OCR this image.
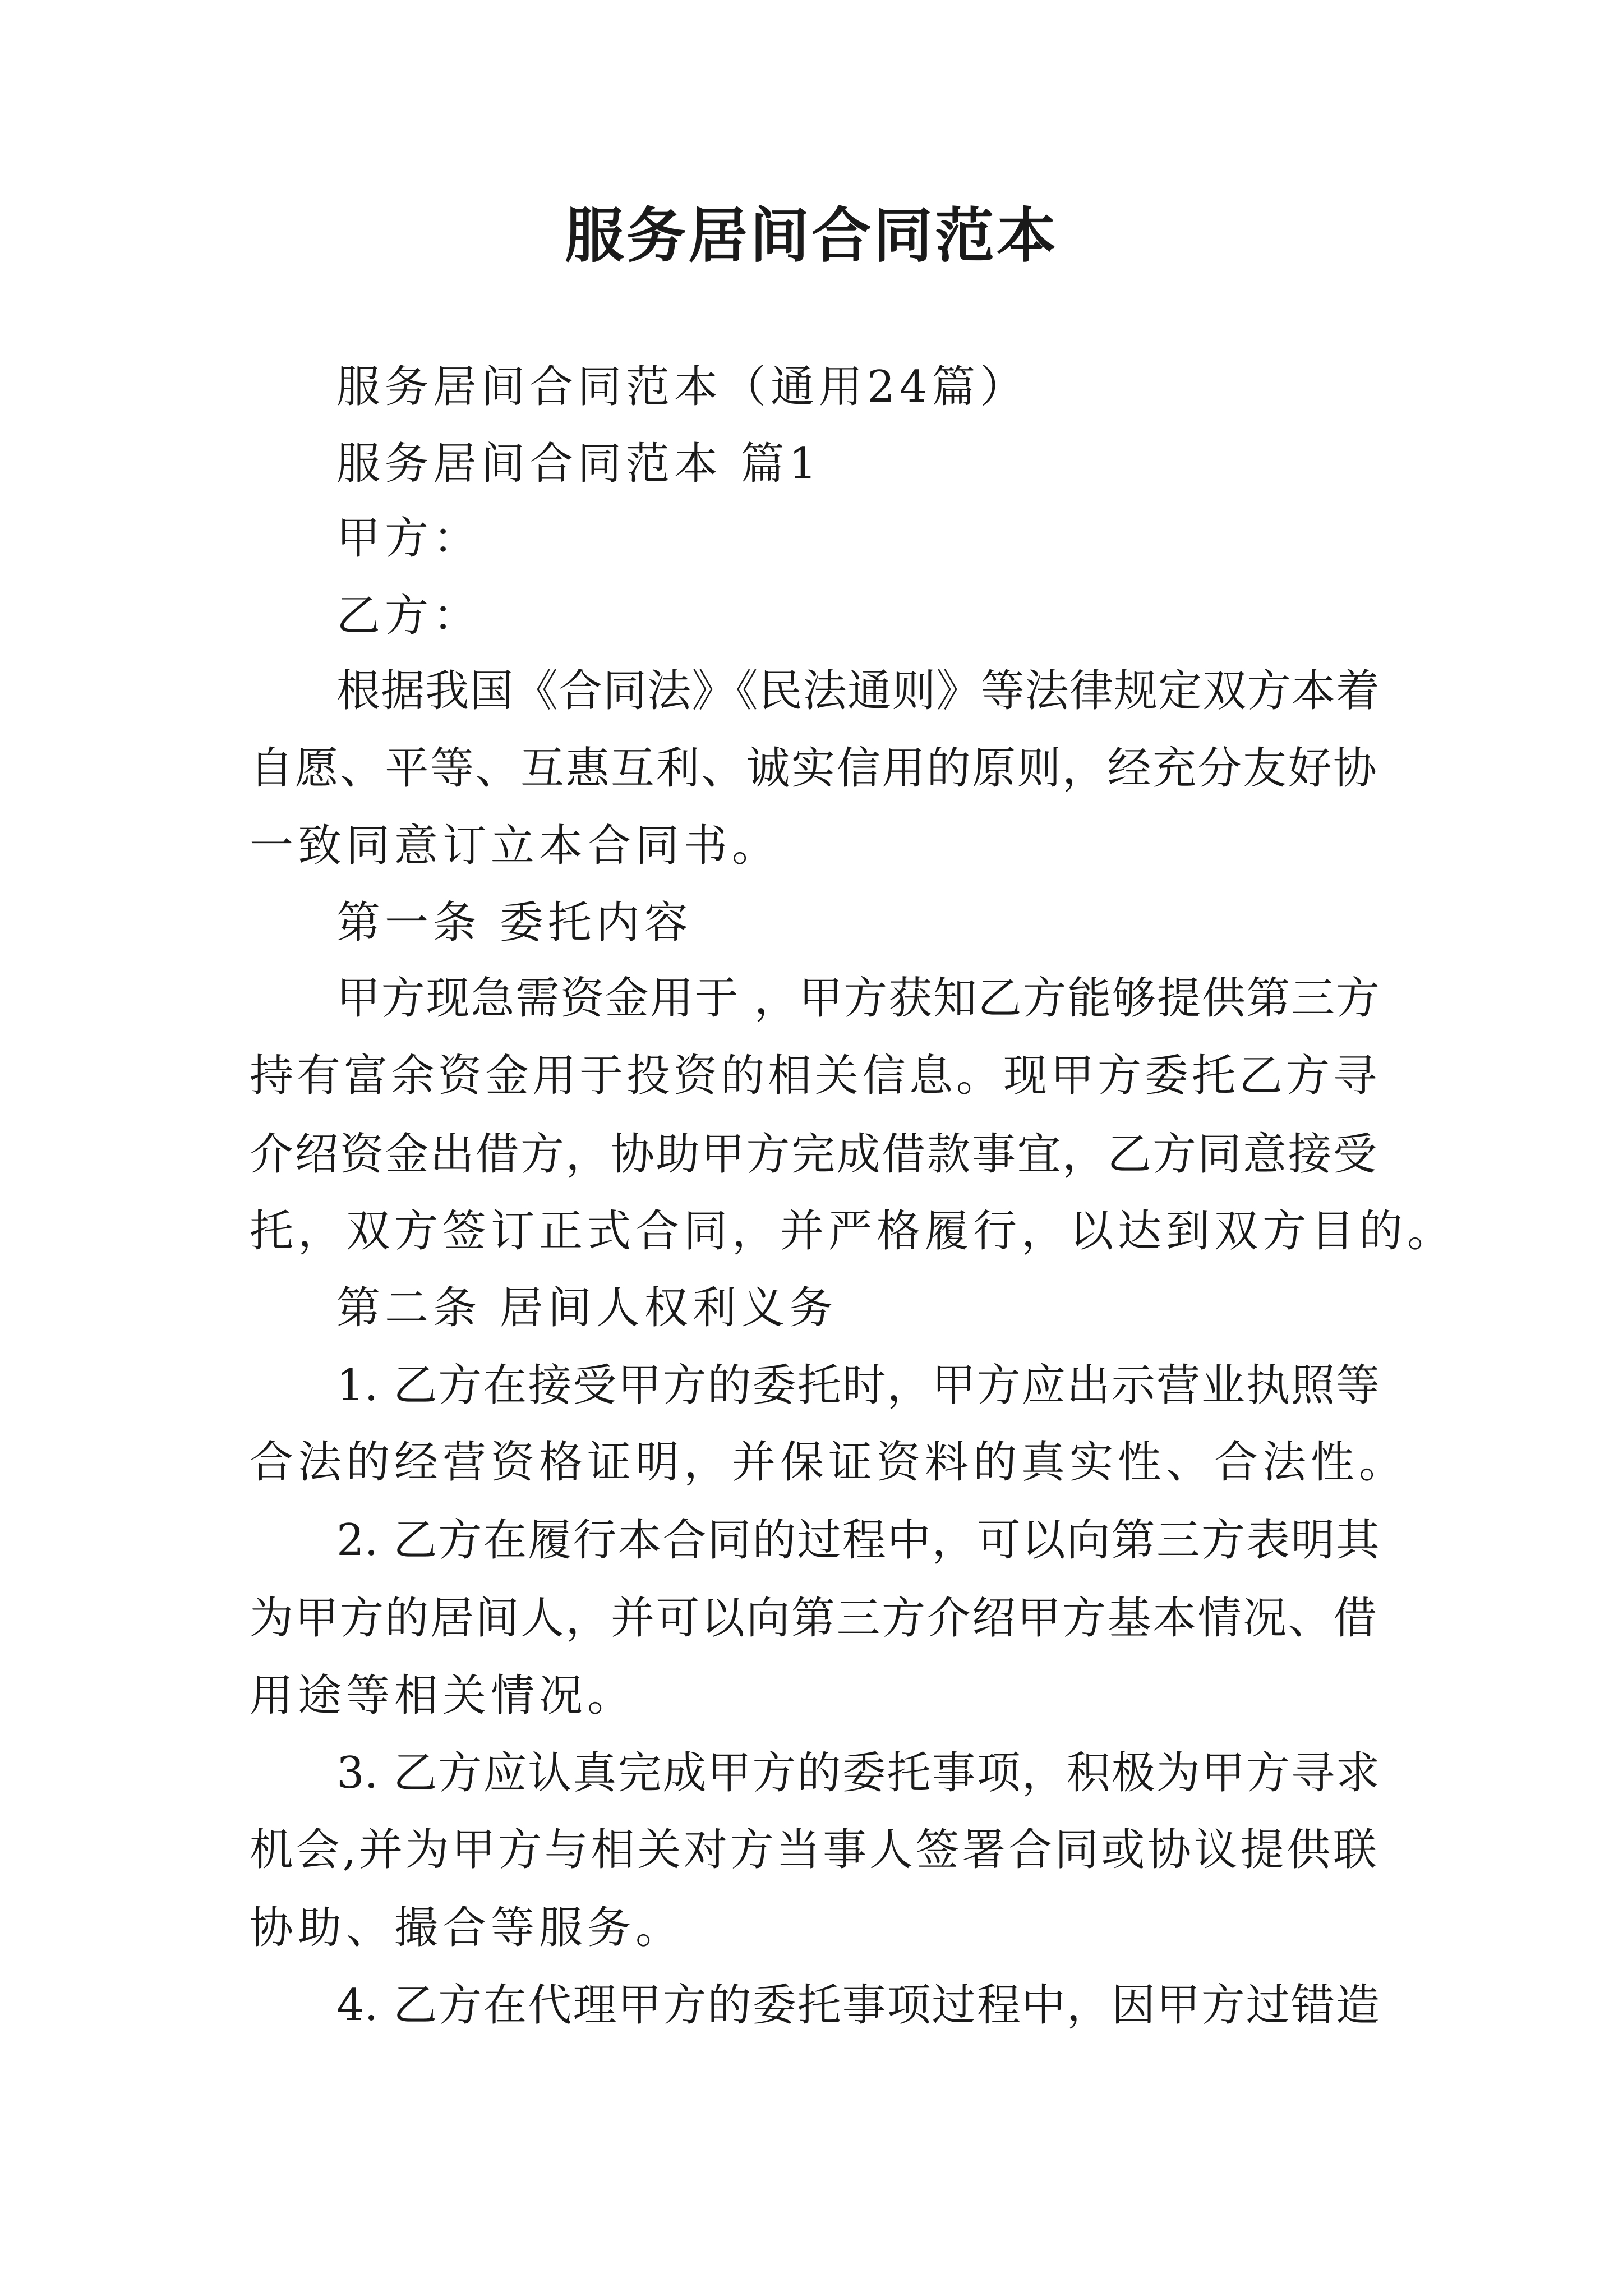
服务居间合同范本

服务居间合同范本（通用24篇）

服务居间合同范本 篇1

甲方：

乙方：

根据我国《合同法》《民法通则》等法律规定双方本着

自愿、平等、互惠互利、诚实信用的原则，经充分友好协

一致同意订立本合同书。

第一条 委托内容

甲方现急需资金用于 ，甲方获知乙方能够提供第三方

持有富余资金用于投资的相关信息。现甲方委托乙方寻

介绍资金出借方，协助甲方完成借款事宜，乙方同意接受

托，双方签订正式合同，并严格履行，以达到双方目的。

第二条 居间人权利义务

1. 乙方在接受甲方的委托时，甲方应出示营业执照等

合法的经营资格证明，并保证资料的真实性、合法性。

2. 乙方在履行本合同的过程中，可以向第三方表明其

为甲方的居间人，并可以向第三方介绍甲方基本情况、借

用途等相关情况。

3. 乙方应认真完成甲方的委托事项，积极为甲方寻求

机会,并为甲方与相关对方当事人签署合同或协议提供联

协助、撮合等服务。

4. 乙方在代理甲方的委托事项过程中，因甲方过错造
